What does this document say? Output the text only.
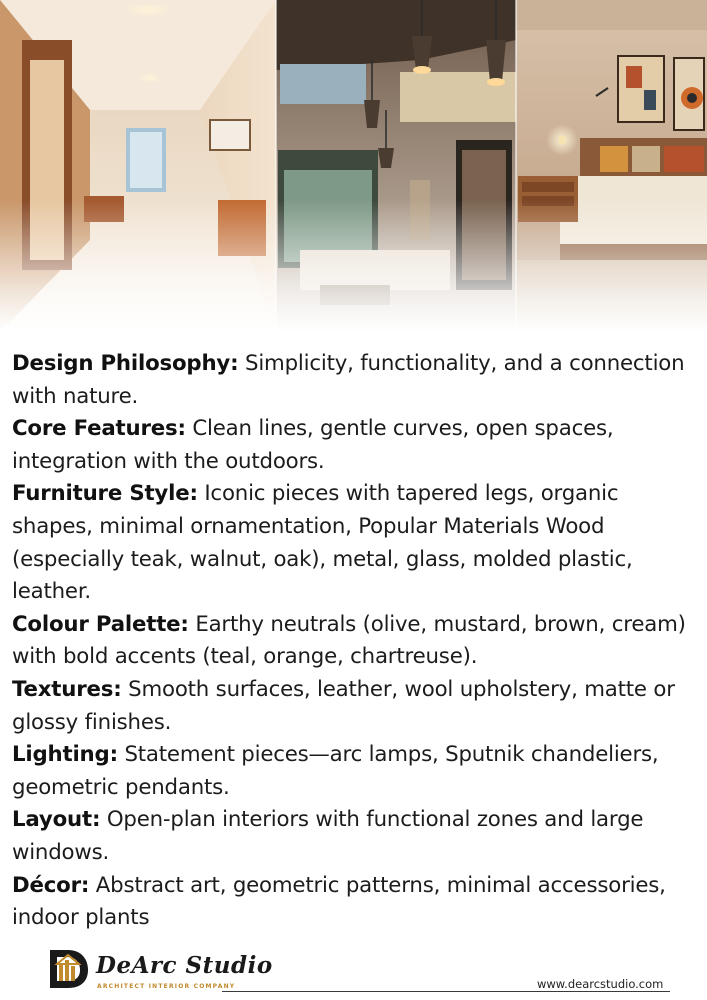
Design Philosophy: Simplicity, functionality, and a connection with nature.

Core Features: Clean lines, gentle curves, open spaces, integration with the outdoors.

Furniture Style: Iconic pieces with tapered legs, organic shapes, minimal ornamentation, Popular Materials Wood (especially teak, walnut, oak), metal, glass, molded plastic, leather.

Colour Palette: Earthy neutrals (olive, mustard, brown, cream) with bold accents (teal, orange, chartreuse).

Textures: Smooth surfaces, leather, wool upholstery, matte or glossy finishes.

Lighting: Statement pieces—arc lamps, Sputnik chandeliers, geometric pendants.

Layout: Open-plan interiors with functional zones and large windows.

Décor: Abstract art, geometric patterns, minimal accessories, indoor plants

DeArc Studio
ARCHITECT INTERIOR COMPANY	www.dearcstudio.com
